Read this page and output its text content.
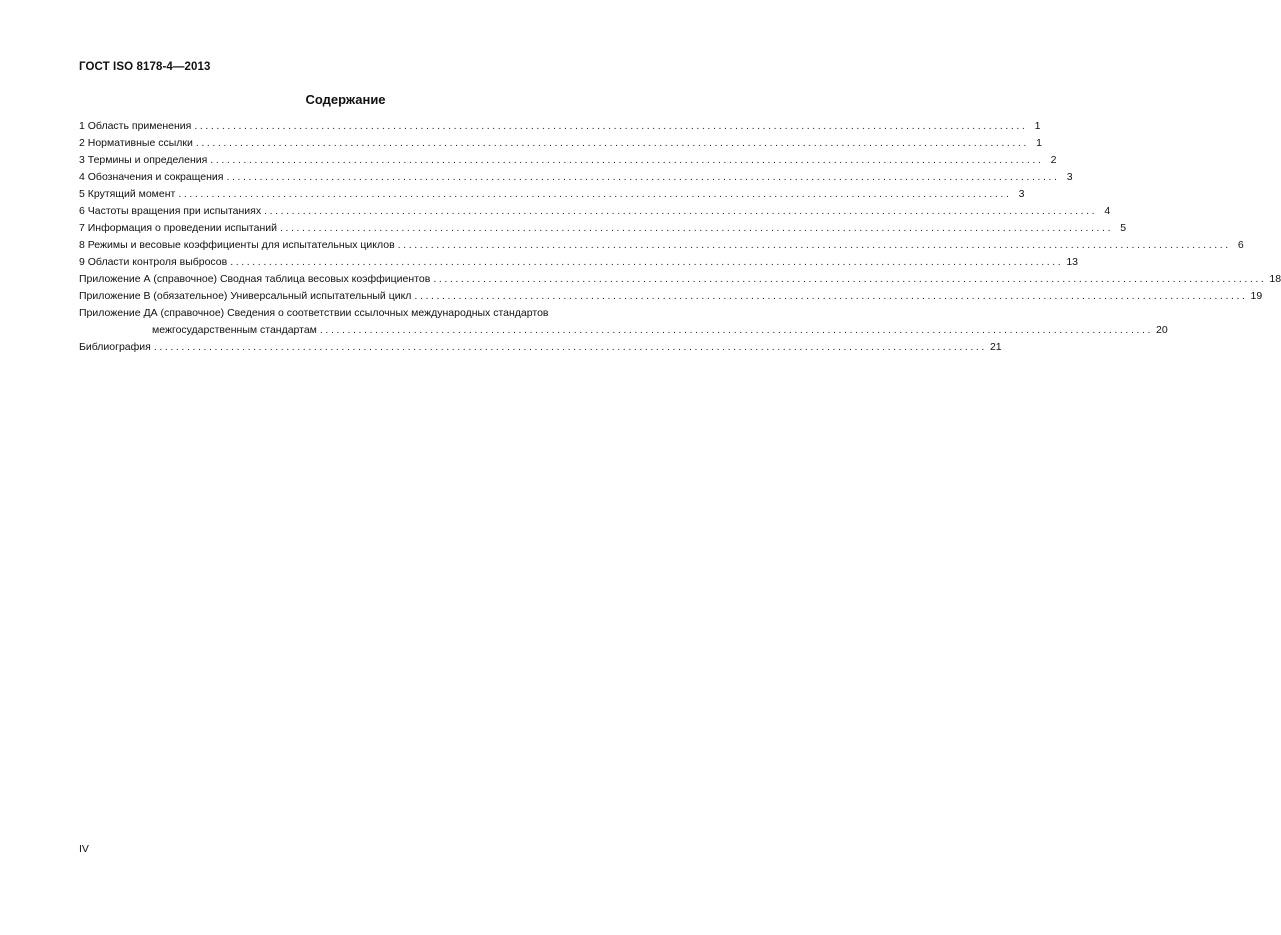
ГОСТ ISO 8178-4—2013
Содержание
1 Область применения ....................................................................................................................................................... 1
2 Нормативные ссылки ....................................................................................................................................................... 1
3 Термины и определения ....................................................................................................................................................... 2
4 Обозначения и сокращения ....................................................................................................................................................... 3
5 Крутящий момент ....................................................................................................................................................... 3
6 Частоты вращения при испытаниях ....................................................................................................................................................... 4
7 Информация о проведении испытаний ....................................................................................................................................................... 5
8 Режимы и весовые коэффициенты для испытательных циклов ....................................................................................................................................................... 6
9 Области контроля выбросов ....................................................................................................................................................... 13
Приложение А (справочное) Сводная таблица весовых коэффициентов ....................................................................................................................................................... 18
Приложение В (обязательное) Универсальный испытательный цикл ....................................................................................................................................................... 19
Приложение ДА (справочное) Сведения о соответствии ссылочных международных стандартов
межгосударственным стандартам ....................................................................................................................................................... 20
Библиография ....................................................................................................................................................... 21
IV
